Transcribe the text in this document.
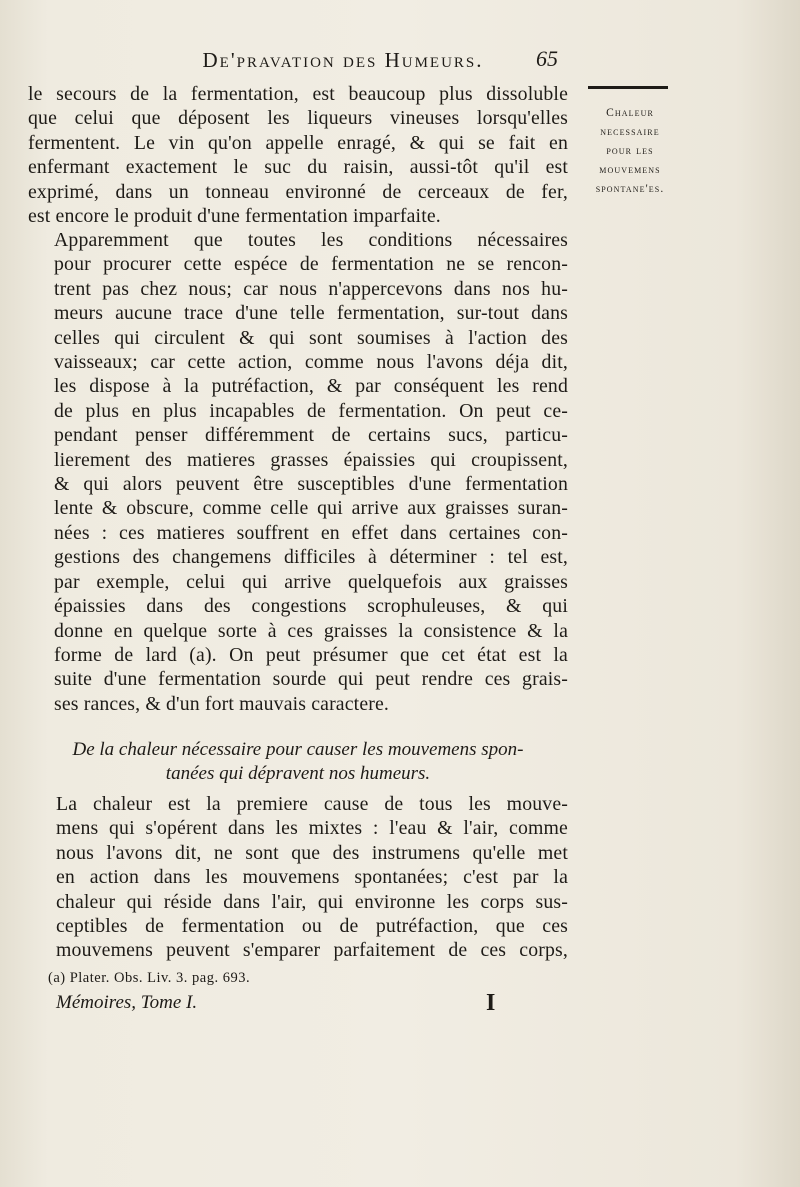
De'pravation des Humeurs.	65
Chaleur
necessaire
pour les
mouvemens
spontane'es.
le secours de la fermentation, est beaucoup plus dissoluble
que celui que déposent les liqueurs vineuses lorsqu'elles
fermentent. Le vin qu'on appelle enragé, & qui se fait en
enfermant exactement le suc du raisin, aussi-tôt qu'il est
exprimé, dans un tonneau environné de cerceaux de fer,
est encore le produit d'une fermentation imparfaite.
Apparemment que toutes les conditions nécessaires
pour procurer cette espéce de fermentation ne se rencon-
trent pas chez nous; car nous n'appercevons dans nos hu-
meurs aucune trace d'une telle fermentation, sur-tout dans
celles qui circulent & qui sont soumises à l'action des
vaisseaux; car cette action, comme nous l'avons déja dit,
les dispose à la putréfaction, & par conséquent les rend
de plus en plus incapables de fermentation. On peut ce-
pendant penser différemment de certains sucs, particu-
lierement des matieres grasses épaissies qui croupissent,
& qui alors peuvent être susceptibles d'une fermentation
lente & obscure, comme celle qui arrive aux graisses suran-
nées : ces matieres souffrent en effet dans certaines con-
gestions des changemens difficiles à déterminer : tel est,
par exemple, celui qui arrive quelquefois aux graisses
épaissies dans des congestions scrophuleuses, & qui
donne en quelque sorte à ces graisses la consistence & la
forme de lard (a). On peut présumer que cet état est la
suite d'une fermentation sourde qui peut rendre ces grais-
ses rances, & d'un fort mauvais caractere.
De la chaleur nécessaire pour causer les mouvemens spon-
tanées qui dépravent nos humeurs.
La chaleur est la premiere cause de tous les mouve-
mens qui s'opérent dans les mixtes : l'eau & l'air, comme
nous l'avons dit, ne sont que des instrumens qu'elle met
en action dans les mouvemens spontanées; c'est par la
chaleur qui réside dans l'air, qui environne les corps sus-
ceptibles de fermentation ou de putréfaction, que ces
mouvemens peuvent s'emparer parfaitement de ces corps,
(a) Plater. Obs. Liv. 3. pag. 693.
Mémoires, Tome I.	I
